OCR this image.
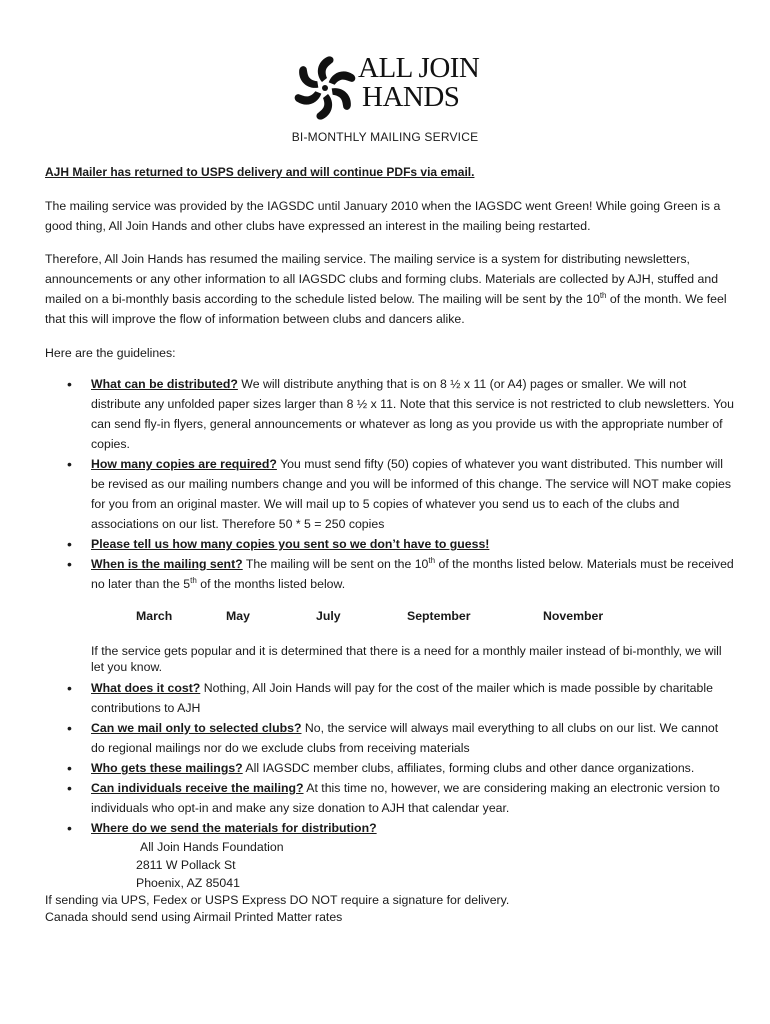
ALL JOIN
HANDS
BI-MONTHLY MAILING SERVICE
AJH Mailer has returned to USPS delivery and will continue PDFs via email.
The mailing service was provided by the IAGSDC until January 2010 when the IAGSDC went Green! While going Green is a good thing, All Join Hands and other clubs have expressed an interest in the mailing being restarted.
Therefore, All Join Hands has resumed the mailing service. The mailing service is a system for distributing newsletters, announcements or any other information to all IAGSDC clubs and forming clubs. Materials are collected by AJH, stuffed and mailed on a bi-monthly basis according to the schedule listed below. The mailing will be sent by the 10th of the month. We feel that this will improve the flow of information between clubs and dancers alike.
Here are the guidelines:
• What can be distributed? We will distribute anything that is on 8 ½ x 11 (or A4) pages or smaller. We will not distribute any unfolded paper sizes larger than 8 ½ x 11. Note that this service is not restricted to club newsletters. You can send fly-in flyers, general announcements or whatever as long as you provide us with the appropriate number of copies.
• How many copies are required? You must send fifty (50) copies of whatever you want distributed. This number will be revised as our mailing numbers change and you will be informed of this change. The service will NOT make copies for you from an original master. We will mail up to 5 copies of whatever you send us to each of the clubs and associations on our list. Therefore 50 * 5 = 250 copies
• Please tell us how many copies you sent so we don’t have to guess!
• When is the mailing sent? The mailing will be sent on the 10th of the months listed below. Materials must be received no later than the 5th of the months listed below.
March	May	July	September	November
If the service gets popular and it is determined that there is a need for a monthly mailer instead of bi-monthly, we will let you know.
• What does it cost? Nothing, All Join Hands will pay for the cost of the mailer which is made possible by charitable contributions to AJH
• Can we mail only to selected clubs? No, the service will always mail everything to all clubs on our list. We cannot do regional mailings nor do we exclude clubs from receiving materials
• Who gets these mailings? All IAGSDC member clubs, affiliates, forming clubs and other dance organizations.
• Can individuals receive the mailing? At this time no, however, we are considering making an electronic version to individuals who opt-in and make any size donation to AJH that calendar year.
• Where do we send the materials for distribution?
All Join Hands Foundation
2811 W Pollack St
Phoenix, AZ 85041
If sending via UPS, Fedex or USPS Express DO NOT require a signature for delivery.
Canada should send using Airmail Printed Matter rates
